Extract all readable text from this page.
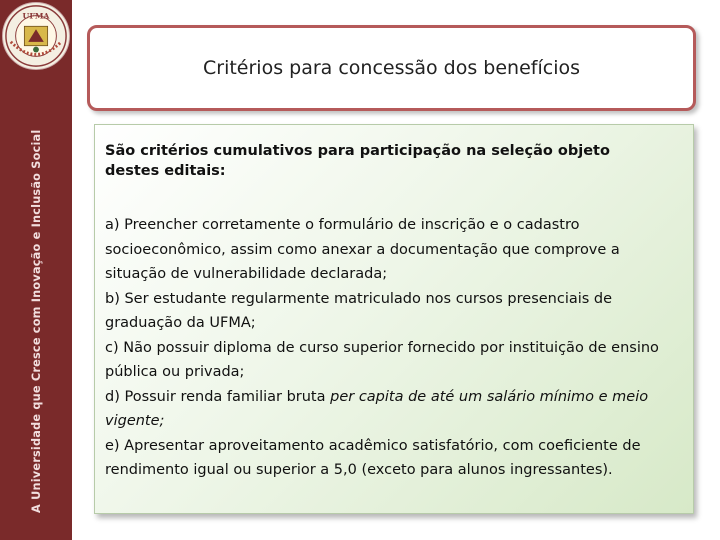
UFMA
A Universidade que Cresce com Inovação e Inclusão Social
Critérios para concessão dos benefícios

São critérios cumulativos para participação na seleção objeto destes editais:

a) Preencher corretamente o formulário de inscrição e o cadastro socioeconômico, assim como anexar a documentação que comprove a situação de vulnerabilidade declarada;

b) Ser estudante regularmente matriculado nos cursos presenciais de graduação da UFMA;

c) Não possuir diploma de curso superior fornecido por instituição de ensino pública ou privada;

d) Possuir renda familiar bruta per capita de até um salário mínimo e meio vigente;

e) Apresentar aproveitamento acadêmico satisfatório, com coeficiente de rendimento igual ou superior a 5,0 (exceto para alunos ingressantes).
